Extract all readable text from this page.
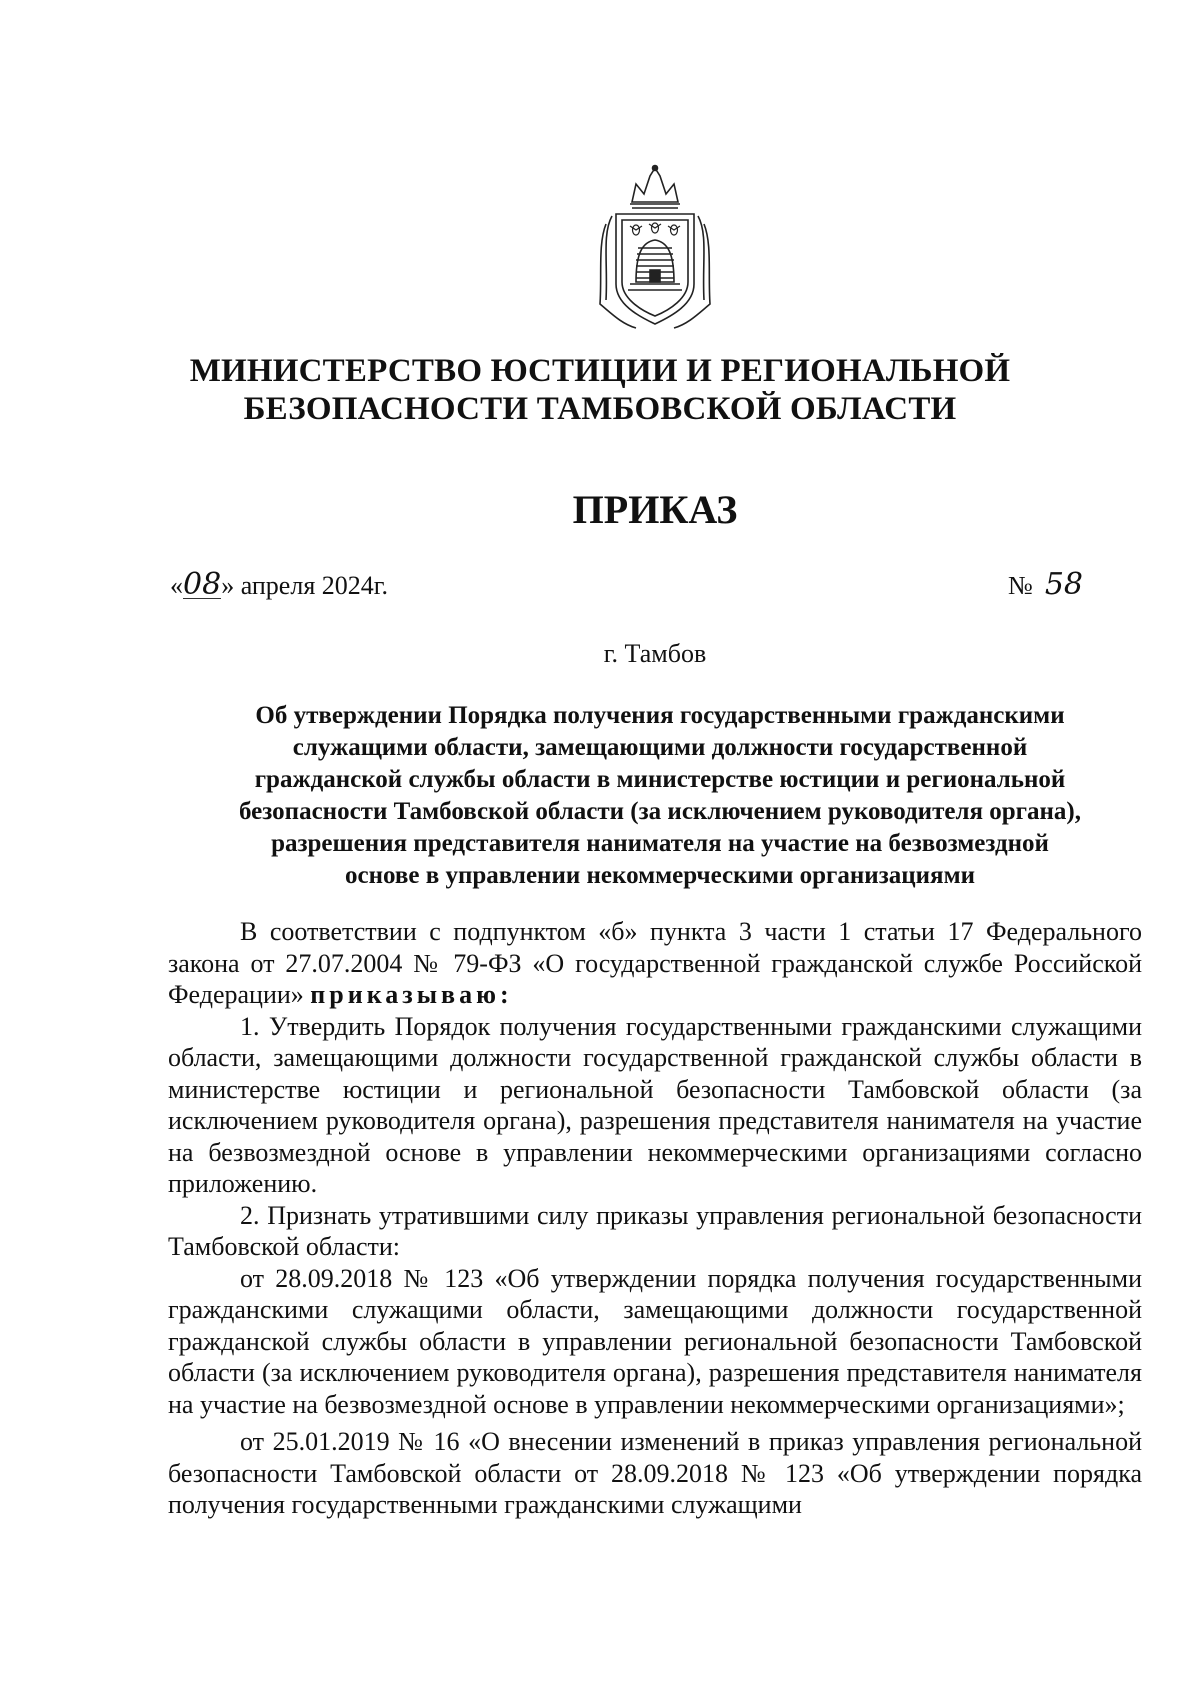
МИНИСТЕРСТВО ЮСТИЦИИ И РЕГИОНАЛЬНОЙ
БЕЗОПАСНОСТИ ТАМБОВСКОЙ ОБЛАСТИ
ПРИКАЗ
«08» апреля 2024г.	№ 58
г. Тамбов
Об утверждении Порядка получения государственными гражданскими
служащими области, замещающими должности государственной
гражданской службы области в министерстве юстиции и региональной
безопасности Тамбовской области (за исключением руководителя органа),
разрешения представителя нанимателя на участие на безвозмездной
основе в управлении некоммерческими организациями

В соответствии с подпунктом «б» пункта 3 части 1 статьи 17 Федерального закона от 27.07.2004 № 79-ФЗ «О государственной гражданской службе Российской Федерации» приказываю:

1. Утвердить Порядок получения государственными гражданскими служащими области, замещающими должности государственной гражданской службы области в министерстве юстиции и региональной безопасности Тамбовской области (за исключением руководителя органа), разрешения представителя нанимателя на участие на безвозмездной основе в управлении некоммерческими организациями согласно приложению.

2. Признать утратившими силу приказы управления региональной безопасности Тамбовской области:

от 28.09.2018 № 123 «Об утверждении порядка получения государственными гражданскими служащими области, замещающими должности государственной гражданской службы области в управлении региональной безопасности Тамбовской области (за исключением руководителя органа), разрешения представителя нанимателя на участие на безвозмездной основе в управлении некоммерческими организациями»;

от 25.01.2019 № 16 «О внесении изменений в приказ управления региональной безопасности Тамбовской области от 28.09.2018 № 123 «Об утверждении порядка получения государственными гражданскими служащими
